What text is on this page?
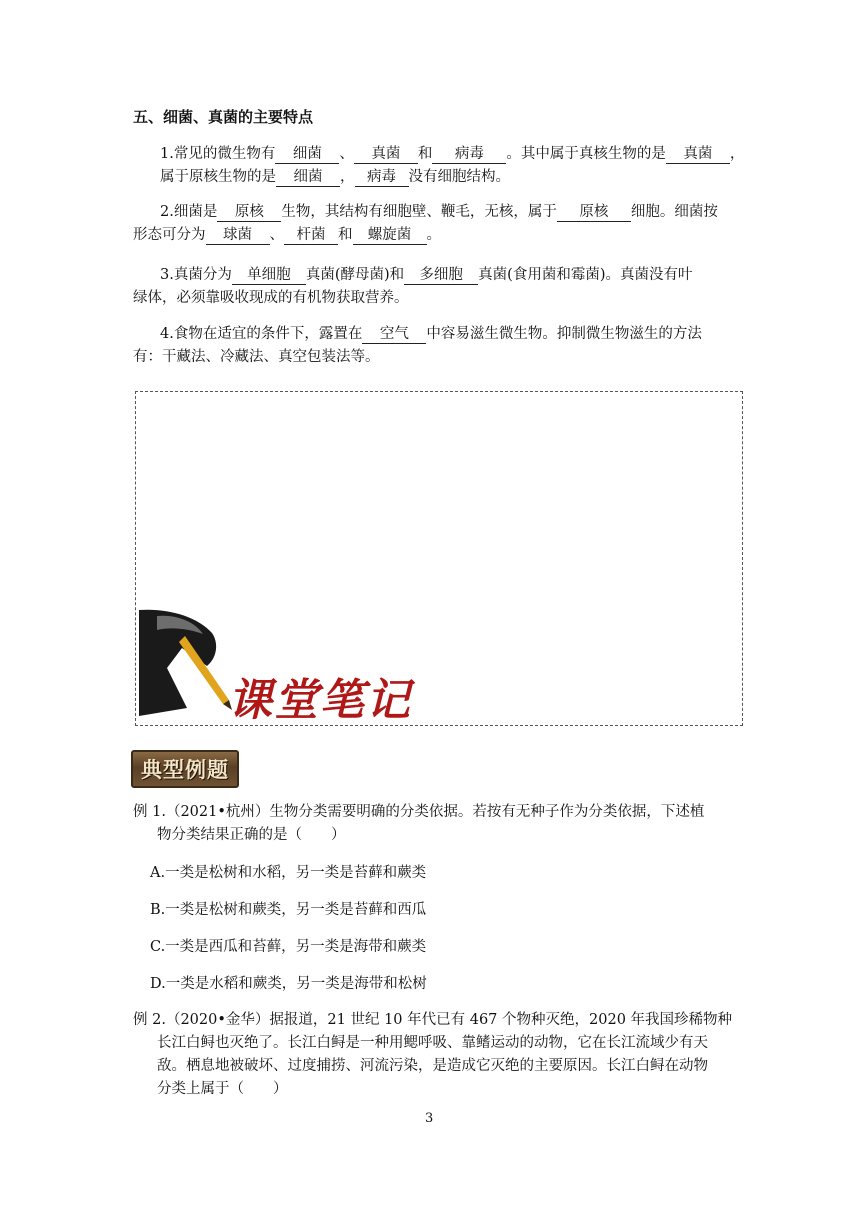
五、细菌、真菌的主要特点
1.常见的微生物有 细菌 、 真菌 和 病毒 。其中属于真核生物的是 真菌 ，
属于原核生物的是 细菌 ， 病毒 没有细胞结构。
2.细菌是 原核 生物，其结构有细胞壁、鞭毛，无核，属于 原核 细胞。细菌按
形态可分为 球菌 、 杆菌 和 螺旋菌 。
3.真菌分为 单细胞 真菌(酵母菌)和 多细胞 真菌(食用菌和霉菌)。真菌没有叶
绿体，必须靠吸收现成的有机物获取营养。
4.食物在适宜的条件下，露置在 空气 中容易滋生微生物。抑制微生物滋生的方法
有：干藏法、冷藏法、真空包装法等。
课堂笔记
典型例题
例 1.（2021•杭州）生物分类需要明确的分类依据。若按有无种子作为分类依据，下述植
物分类结果正确的是（　　）
A.一类是松树和水稻，另一类是苔藓和蕨类
B.一类是松树和蕨类，另一类是苔藓和西瓜
C.一类是西瓜和苔藓，另一类是海带和蕨类
D.一类是水稻和蕨类，另一类是海带和松树
例 2.（2020•金华）据报道，21 世纪 10 年代已有 467 个物种灭绝，2020 年我国珍稀物种
长江白鲟也灭绝了。长江白鲟是一种用鳃呼吸、靠鳍运动的动物，它在长江流域少有天
敌。栖息地被破坏、过度捕捞、河流污染，是造成它灭绝的主要原因。长江白鲟在动物
分类上属于（　　）
3
